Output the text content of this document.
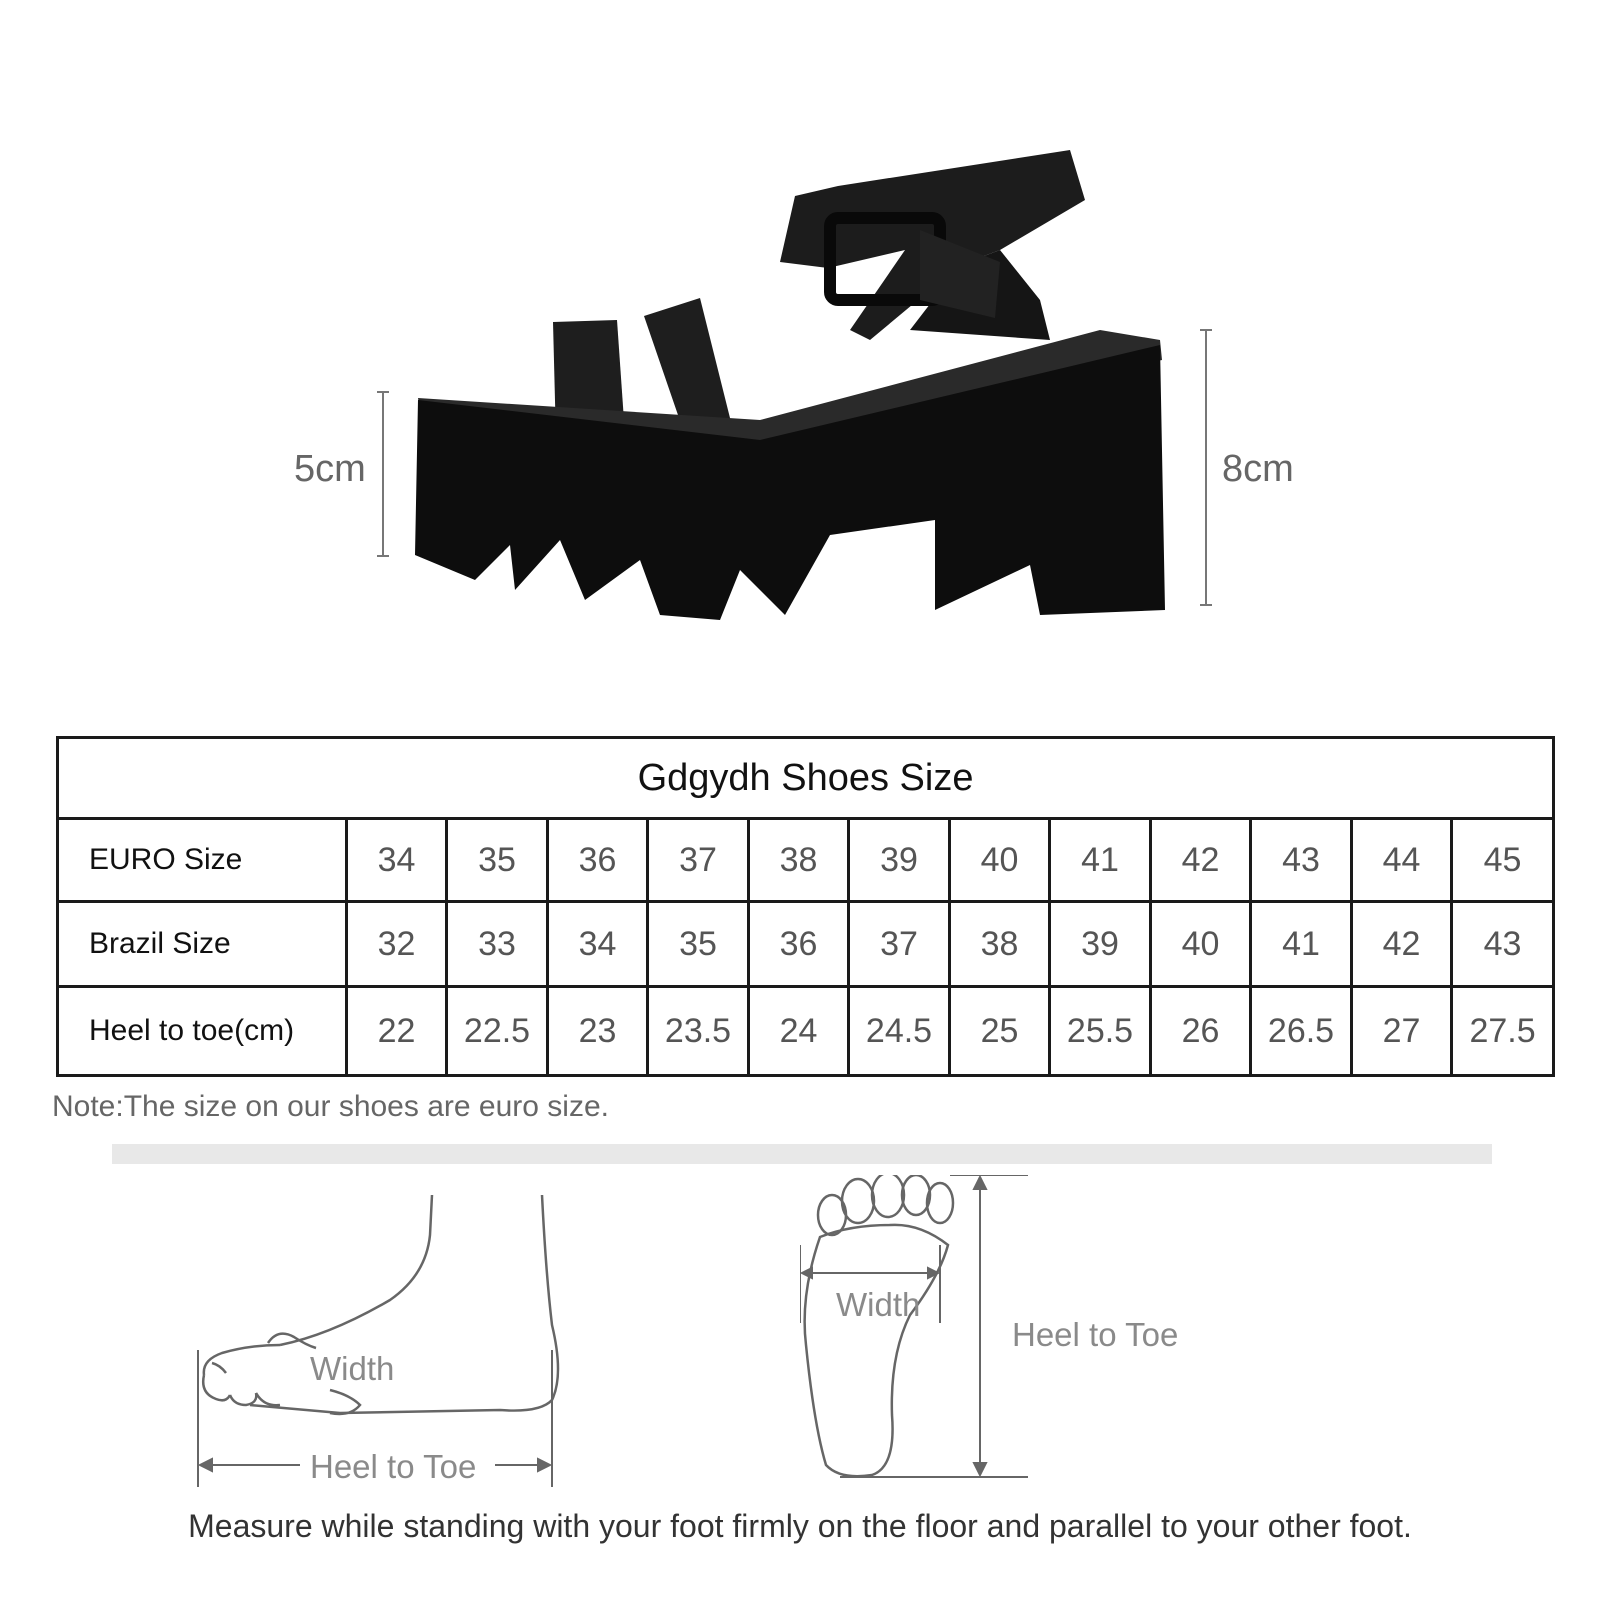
5cm	8cm
Gdgydh Shoes Size												
EURO Size	34	35	36	37	38	39	40	41	42	43	44	45
Brazil Size	32	33	34	35	36	37	38	39	40	41	42	43
Heel to toe(cm)	22	22.5	23	23.5	24	24.5	25	25.5	26	26.5	27	27.5
Note:The size on our shoes are euro size.
Width
Heel to Toe
Width
Heel to Toe
Measure while standing with your foot firmly on the floor and parallel to your other foot.
